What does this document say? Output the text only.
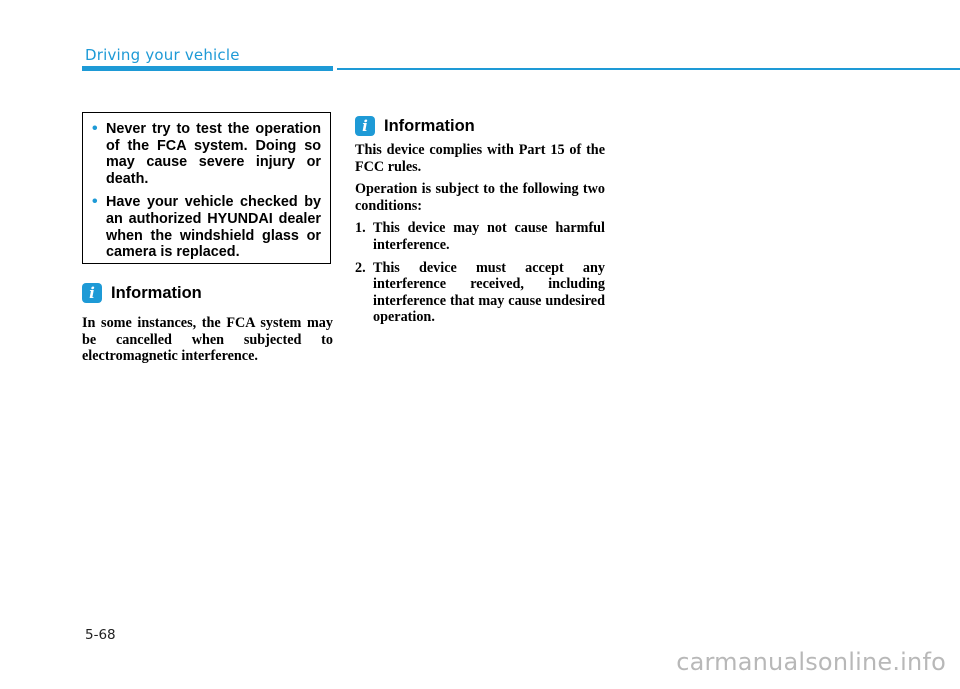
Driving your vehicle
• Never try to test the operation of the FCA system. Doing so may cause severe injury or death.
• Have your vehicle checked by an authorized HYUNDAI dealer when the windshield glass or camera is replaced.
i Information

In some instances, the FCA system may be cancelled when subjected to electromagnetic interference.

i Information

This device complies with Part 15 of the FCC rules.

Operation is subject to the following two conditions:

1. This device may not cause harmful interference.
2. This device must accept any interference received, including interference that may cause undesired operation.
5-68
carmanualsonline.info
